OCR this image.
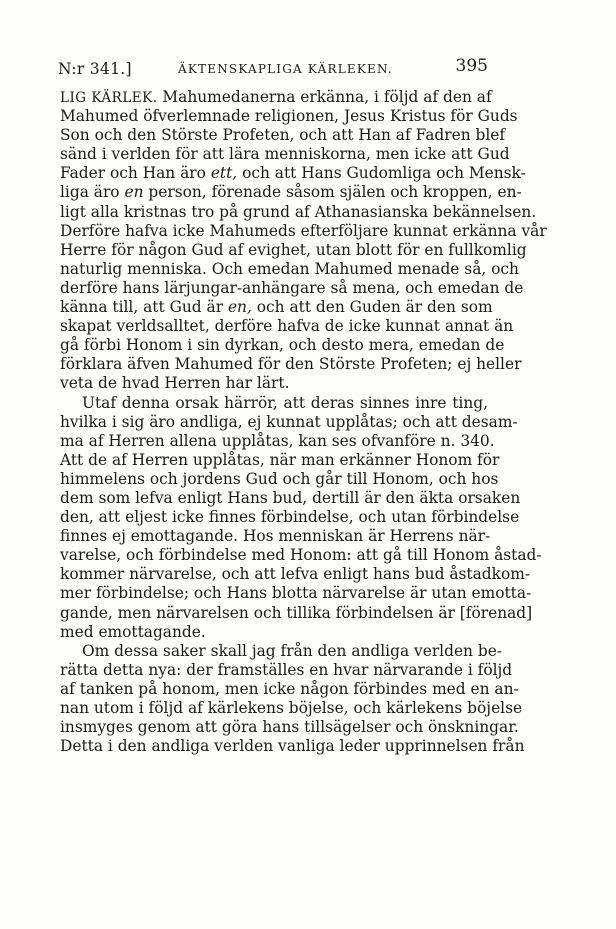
N:r 341.]	ÄKTENSKAPLIGA KÄRLEKEN.	395
LIG KÄRLEK. Mahumedanerna erkänna, i följd af den af
Mahumed öfverlemnade religionen, Jesus Kristus för Guds
Son och den Störste Profeten, och att Han af Fadren blef
sänd i verlden för att lära menniskorna, men icke att Gud
Fader och Han äro ett, och att Hans Gudomliga och Mensk-
liga äro en person, förenade såsom själen och kroppen, en-
ligt alla kristnas tro på grund af Athanasianska bekännelsen.
Derföre hafva icke Mahumeds efterföljare kunnat erkänna vår
Herre för någon Gud af evighet, utan blott för en fullkomlig
naturlig menniska. Och emedan Mahumed menade så, och
derföre hans lärjungar-anhängare så mena, och emedan de
känna till, att Gud är en, och att den Guden är den som
skapat verldsalltet, derföre hafva de icke kunnat annat än
gå förbi Honom i sin dyrkan, och desto mera, emedan de
förklara äfven Mahumed för den Störste Profeten; ej heller
veta de hvad Herren har lärt.
Utaf denna orsak härrör, att deras sinnes inre ting,
hvilka i sig äro andliga, ej kunnat upplåtas; och att desam-
ma af Herren allena upplåtas, kan ses ofvanföre n. 340.
Att de af Herren upplåtas, när man erkänner Honom för
himmelens och jordens Gud och går till Honom, och hos
dem som lefva enligt Hans bud, dertill är den äkta orsaken
den, att eljest icke finnes förbindelse, och utan förbindelse
finnes ej emottagande. Hos menniskan är Herrens när-
varelse, och förbindelse med Honom: att gå till Honom åstad-
kommer närvarelse, och att lefva enligt hans bud åstadkom-
mer förbindelse; och Hans blotta närvarelse är utan emotta-
gande, men närvarelsen och tillika förbindelsen är [förenad]
med emottagande.
Om dessa saker skall jag från den andliga verlden be-
rätta detta nya: der framställes en hvar närvarande i följd
af tanken på honom, men icke någon förbindes med en an-
nan utom i följd af kärlekens böjelse, och kärlekens böjelse
insmyges genom att göra hans tillsägelser och önskningar.
Detta i den andliga verlden vanliga leder upprinnelsen från
